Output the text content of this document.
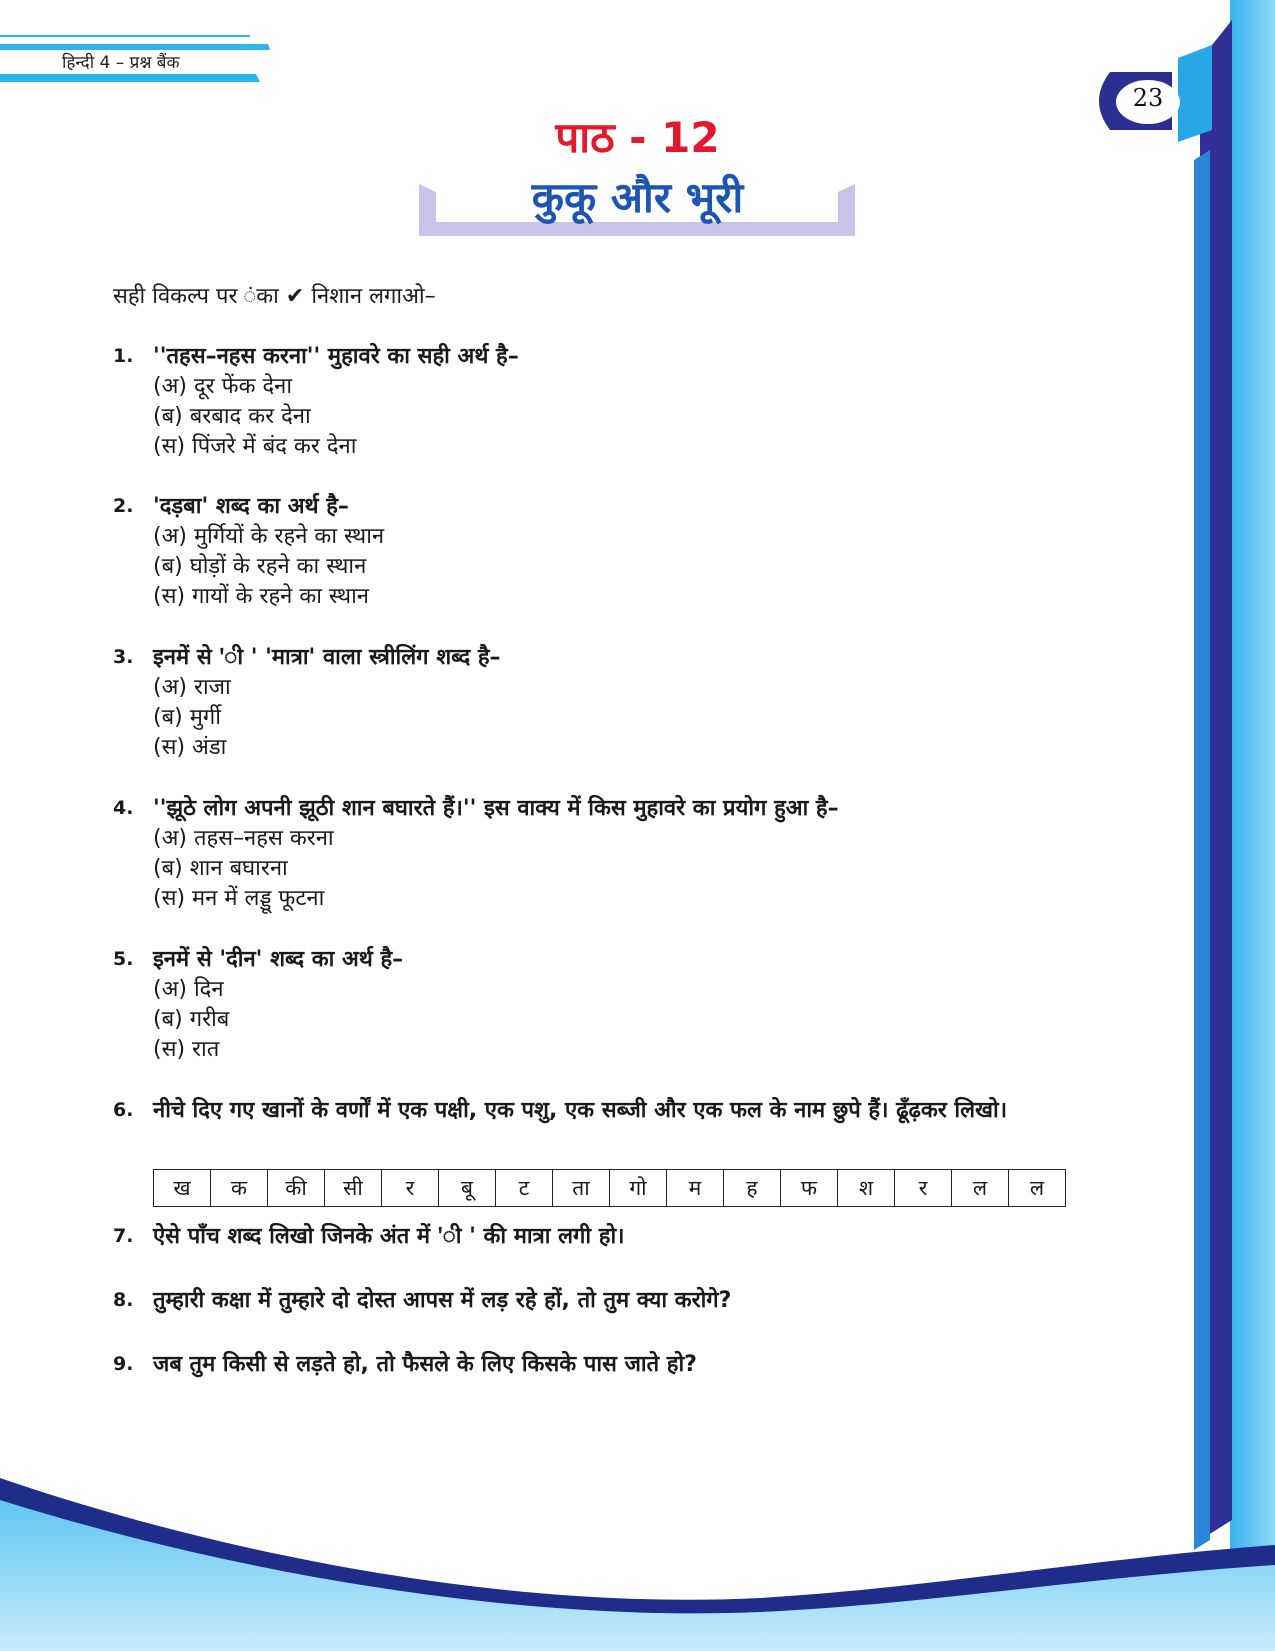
हिन्दी 4 – प्रश्न बैंक
23
पाठ - 12
कुकू और भूरी
सही विकल्प पर ंका ✔ निशान लगाओ–
1. ''तहस–नहस करना'' मुहावरे का सही अर्थ है–
(अ) दूर फेंक देना
(ब) बरबाद कर देना
(स) पिंजरे में बंद कर देना
2. 'दड़बा' शब्द का अर्थ है–
(अ) मुर्गियों के रहने का स्थान
(ब) घोड़ों के रहने का स्थान
(स) गायों के रहने का स्थान
3. इनमें से 'ी ' 'मात्रा' वाला स्त्रीलिंग शब्द है–
(अ) राजा
(ब) मुर्गी
(स) अंडा
4. ''झूठे लोग अपनी झूठी शान बघारते हैं।'' इस वाक्य में किस मुहावरे का प्रयोग हुआ है–
(अ) तहस–नहस करना
(ब) शान बघारना
(स) मन में लड्डू फूटना
5. इनमें से 'दीन' शब्द का अर्थ है–
(अ) दिन
(ब) गरीब
(स) रात
6. नीचे दिए गए खानों के वर्णों में एक पक्षी, एक पशु, एक सब्जी और एक फल के नाम छुपे हैं। ढूँढ़कर लिखो।
ख	क	की	सी	र	बू	ट	ता	गो	म	ह	फ	श	र	ल	ल
7. ऐसे पाँच शब्द लिखो जिनके अंत में 'ी ' की मात्रा लगी हो।
8. तुम्हारी कक्षा में तुम्हारे दो दोस्त आपस में लड़ रहे हों, तो तुम क्या करोगे?
9. जब तुम किसी से लड़ते हो, तो फैसले के लिए किसके पास जाते हो?
